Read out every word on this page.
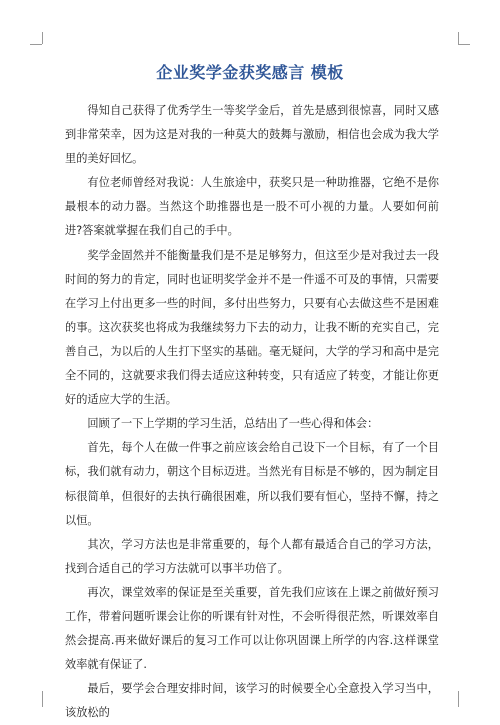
企业奖学金获奖感言 模板

得知自己获得了优秀学生一等奖学金后，首先是感到很惊喜，同时又感到非常荣幸，因为这是对我的一种莫大的鼓舞与激励，相信也会成为我大学里的美好回忆。

有位老师曾经对我说：人生旅途中，获奖只是一种助推器，它绝不是你最根本的动力器。当然这个助推器也是一股不可小视的力量。人要如何前进?答案就掌握在我们自己的手中。

奖学金固然并不能衡量我们是不是足够努力，但这至少是对我过去一段时间的努力的肯定，同时也证明奖学金并不是一件遥不可及的事情，只需要在学习上付出更多一些的时间，多付出些努力，只要有心去做这些不是困难的事。这次获奖也将成为我继续努力下去的动力，让我不断的充实自己，完善自己，为以后的人生打下坚实的基础。毫无疑问，大学的学习和高中是完全不同的，这就要求我们得去适应这种转变，只有适应了转变，才能让你更好的适应大学的生活。

回顾了一下上学期的学习生活，总结出了一些心得和体会：

首先，每个人在做一件事之前应该会给自己设下一个目标，有了一个目标，我们就有动力，朝这个目标迈进。当然光有目标是不够的，因为制定目标很简单，但很好的去执行确很困难，所以我们要有恒心，坚持不懈，持之以恒。

其次，学习方法也是非常重要的，每个人都有最适合自己的学习方法，找到合适自己的学习方法就可以事半功倍了。

再次，课堂效率的保证是至关重要，首先我们应该在上课之前做好预习工作，带着问题听课会让你的听课有针对性，不会听得很茫然，听课效率自然会提高.再来做好课后的复习工作可以让你巩固课上所学的内容.这样课堂效率就有保证了.

最后，要学会合理安排时间，该学习的时候要全心全意投入学习当中，该放松的
